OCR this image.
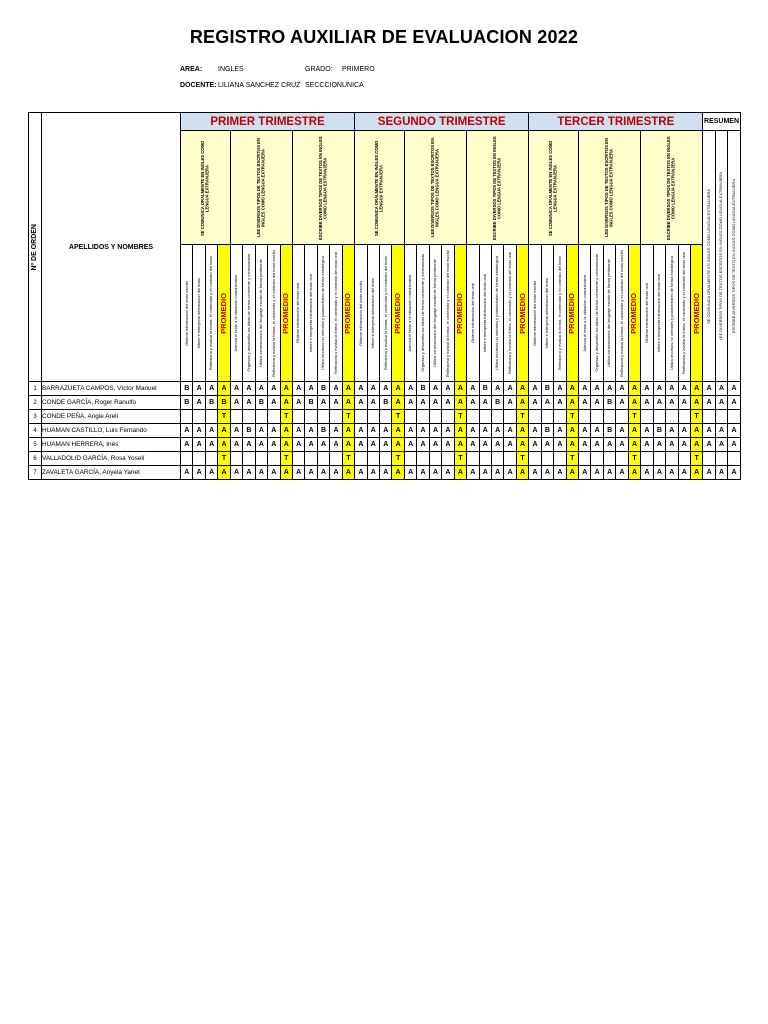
REGISTRO AUXILIAR DE EVALUACION 2022
AREA: INGLES	GRADO: PRIMERO
DOCENTE: LILIANA SANCHEZ CRUZ SECCCION:
UNICA
Nº DE ORDEN	APELLIDOS Y NOMBRES	PRIMER TRIMESTRE														SEGUNDO TRIMESTRE														TERCER TRIMESTRE														RESUMEN		

		SE COMUNICA ORALMENTE EN INGLES COMO LENGUA EXTRANJERA				LEE DIVERSOS TIPOS DE TEXTOS ESCRITOS EN INGLES COMO LENGUA EXTRANJERA					ESCRIBE DIVERSOS TIPOS DE TEXTOS EN INGLES COMO LENGUA EXTRANJERA					SE COMUNICA ORALMENTE EN INGLES COMO LENGUA EXTRANJERA				LEE DIVERSOS TIPOS DE TEXTOS ESCRITOS EN INGLES COMO LENGUA EXTRANJERA					ESCRIBE DIVERSOS TIPOS DE TEXTOS EN INGLES COMO LENGUA EXTRANJERA					SE COMUNICA ORALMENTE EN INGLES COMO LENGUA EXTRANJERA				LEE DIVERSOS TIPOS DE TEXTOS ESCRITOS EN INGLES COMO LENGUA EXTRANJERA					ESCRIBE DIVERSOS TIPOS DE TEXTOS EN INGLES COMO LENGUA EXTRANJERA					SE COMUNICA ORALMENTE EN INGLES COMO LENGUA EXTRANJERA	LEE DIVERSOS TIPOS DE TEXTOS ESCRITOS EN INGLES COMO LENGUA EXTRANJERA	ESCRIBE DIVERSOS TIPOS DE TEXTO EN INGLES COMO LENGUA EXTRANJERA

		Obtiene información del texto escrito	Infiere e interpreta información del texto	Reflexiona y evalúa la forma, el contenido y el contexto del texto	PROMEDIO	Adecúa el texto a la situación comunicativa	Organiza y desarrolla las ideas de forma coherente y cohesionada	Utiliza convenciones del lenguaje escrito de forma pertinente	Reflexiona y evalúa la forma, el contenido y el contexto del texto escrito	PROMEDIO	Obtiene información del texto oral	Infiere e interpreta información del texto oral	Utiliza recursos no verbales y paraverbales de forma estratégica	Reflexiona y evalúa la forma, el contenido y el contexto del texto oral	PROMEDIO	Obtiene información del texto escrito	Infiere e interpreta información del texto	Reflexiona y evalúa la forma, el contenido y el contexto del texto	PROMEDIO	Adecúa el texto a la situación comunicativa	Organiza y desarrolla las ideas de forma coherente y cohesionada	Utiliza convenciones del lenguaje escrito de forma pertinente	Reflexiona y evalúa la forma, el contenido y el contexto del texto escrito	PROMEDIO	Obtiene información del texto oral	Infiere e interpreta información del texto oral	Utiliza recursos no verbales y paraverbales de forma estratégica	Reflexiona y evalúa la forma, el contenido y el contexto del texto oral	PROMEDIO	Obtiene información del texto escrito	Infiere e interpreta información del texto	Reflexiona y evalúa la forma, el contenido y el contexto del texto	PROMEDIO	Adecúa el texto a la situación comunicativa	Organiza y desarrolla las ideas de forma coherente y cohesionada	Utiliza convenciones del lenguaje escrito de forma pertinente	Reflexiona y evalúa la forma, el contenido y el contexto del texto escrito	PROMEDIO	Obtiene información del texto oral	Infiere e interpreta información del texto oral	Utiliza recursos no verbales y paraverbales de forma estratégica	Reflexiona y evalúa la forma, el contenido y el contexto del texto oral	PROMEDIO			

1	BARRAZUETA CAMPOS, Víctor Manuel	B	A	A	A	A	A	A	A	A	A	A	B	A	A	A	A	A	A	A	B	A	A	A	A	B	A	A	A	A	B	A	A	A	A	A	A	A	A	A	A	A	A	A	A	A
2	CONDE GARCÍA, Roger Ranulfo	B	A	B	B	A	A	B	A	A	A	B	A	A	A	A	A	B	A	A	A	A	A	A	A	A	B	A	A	A	A	A	A	A	A	B	A	A	A	A	A	A	A	A	A	A
3	CONDE PEÑA, Angie Areli				T					T					T				T					T					T				T					T					T			
4	HUAMAN CASTILLO, Luis Fernando	A	A	A	A	A	B	A	A	A	A	A	B	A	A	A	A	A	A	A	A	A	A	A	A	A	A	A	A	A	B	A	A	A	A	B	A	A	A	B	A	A	A	A	A	A
5	HUAMAN HERRERA, Inés	A	A	A	A	A	A	A	A	A	A	A	A	A	A	A	A	A	A	A	A	A	A	A	A	A	A	A	A	A	A	A	A	A	A	A	A	A	A	A	A	A	A	A	A	A
6	VALLADOLID GARCÍA, Rosa Yoselí				T					T					T				T					T					T				T					T					T			
7	ZAVALETA GARCÍA, Anyela Yanet	A	A	A	A	A	A	A	A	A	A	A	A	A	A	A	A	A	A	A	A	A	A	A	A	A	A	A	A	A	A	A	A	A	A	A	A	A	A	A	A	A	A	A	A	A
